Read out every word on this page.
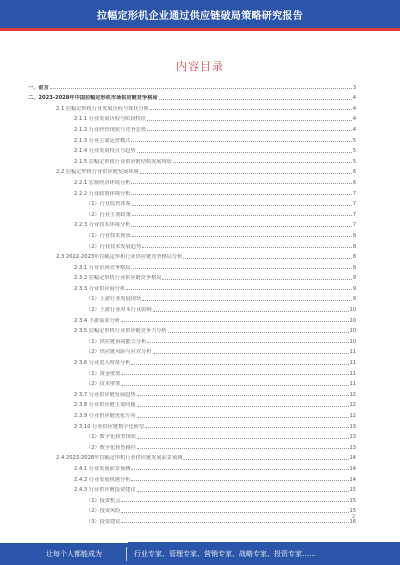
拉幅定形机企业通过供应链破局策略研究报告
内容目录
一、前言	3
二、2023-2028年中国拉幅定形机市场供应链竞争格局	4
2.1 拉幅定形机行业发展历程与现状分析	4
2.1.1 行业发展历程与阶段特征	4
2.1.2 行业经营现状与竞争态势	4
2.1.3 行业主要运营模式	5
2.1.4 行业发展特点与趋势	5
2.1.5 拉幅定形机行业供应链结构发展现状	5
2.2 拉幅定形机行业供应链发展环境	6
2.2.1 宏观经济环境分析	6
2.2.2 行业政策环境分析	7
（1）行业监管体系	7
（2）行业主要政策	7
2.2.3 行业技术环境分析	7
（1）行业技术现状	8
（2）行业技术发展趋势	8
2.3 2022-2023年拉幅定形机行业供应链竞争格局分析	8
2.3.1 行业市场竞争格局	8
2.3.2 拉幅定形机行业供应链竞争格局	9
2.3.3 行业供应商分析	9
（1）上游行业发展现状	9
（2）上游行业对本行业影响	10
2.3.4 下游需求分析	10
2.3.5 拉幅定形机行业供应链竞争力分析	10
（1）供应链协同能力分析	10
（2）供应链风险与应对分析	11
2.3.6 行业进入壁垒分析	11
（1）资金壁垒	11
（2）技术壁垒	11
2.3.7 行业供应链发展趋势	12
2.3.8 行业供应链主要问题	12
2.3.9 行业供应链优化方向	12
2.3.10 行业供应链数字化转型	13
（1）数字化转型现状	13
（2）数字化转型路径	13
2.4 2023-2028年拉幅定形机行业供应链发展前景预测	14
2.4.1 行业发展前景预测	14
2.4.2 行业发展机遇分析	14
2.4.3 行业供应链投资建议	15
（1）投资机会	15
（2）投资风险	15
（3）投资建议	16
2
让每个人都能成为	行业专家、管理专家、营销专家、战略专家、投资专家……
